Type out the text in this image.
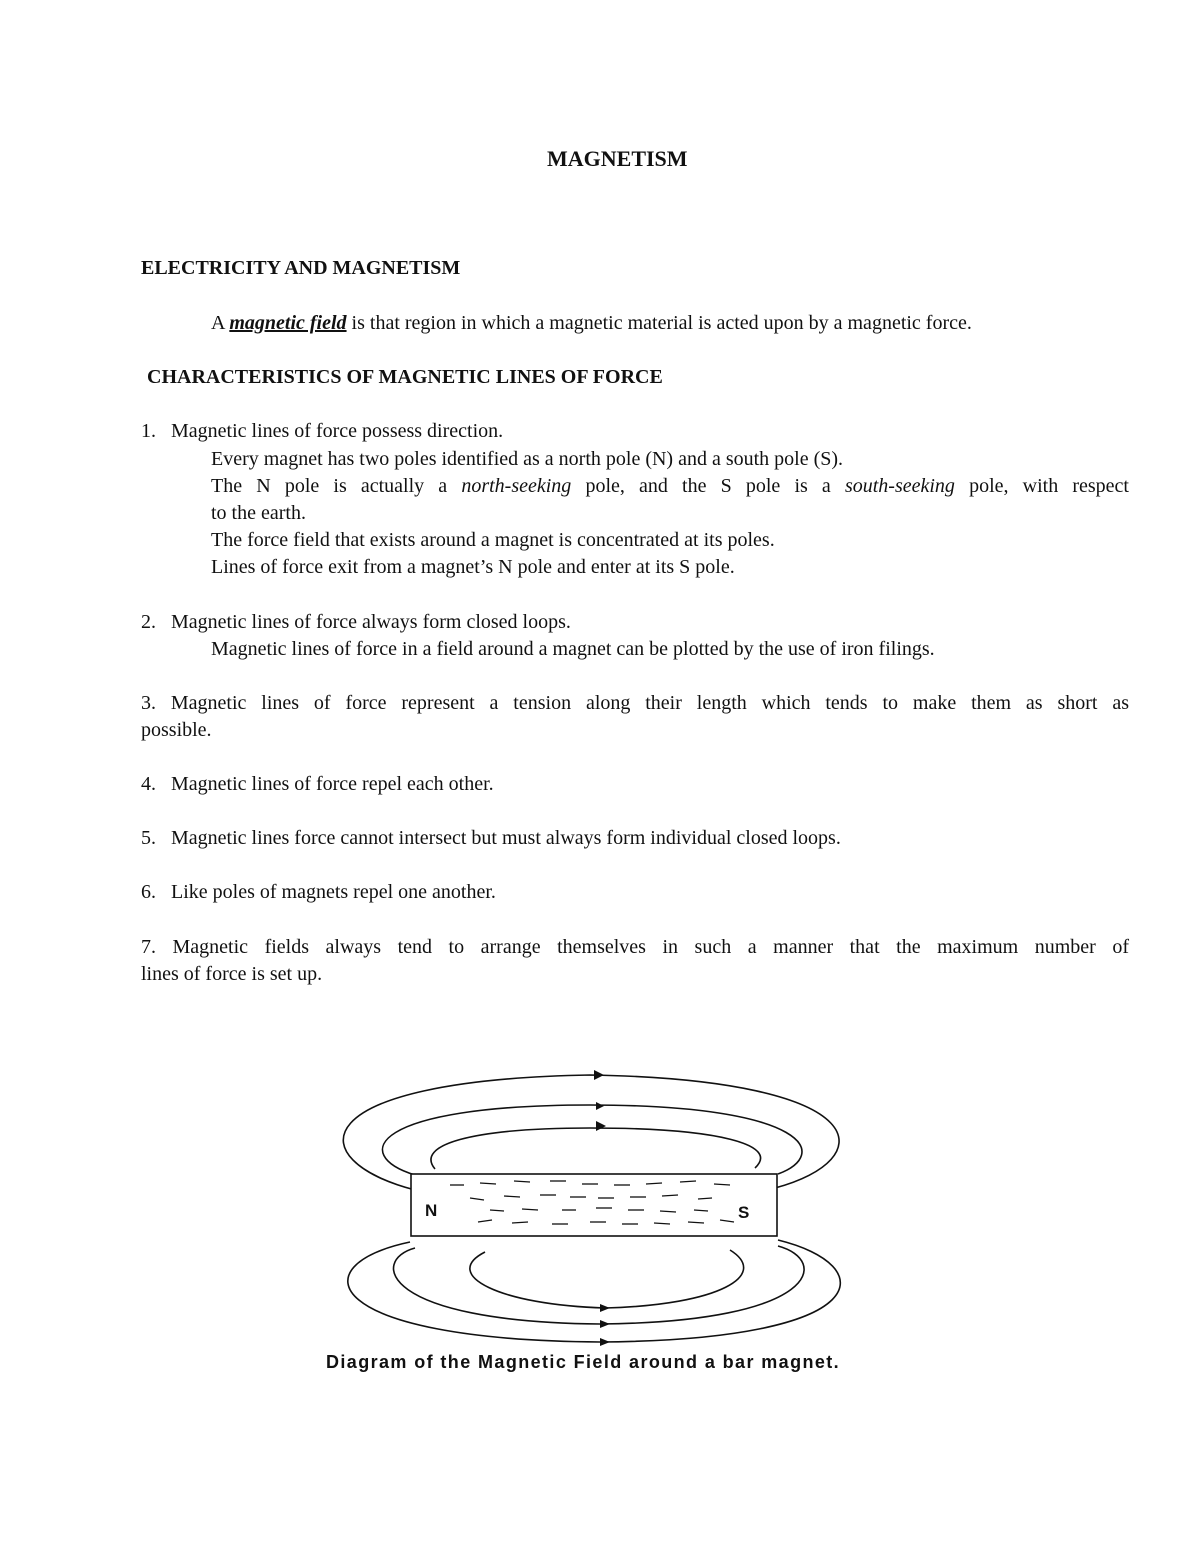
MAGNETISM
ELECTRICITY AND MAGNETISM
A magnetic field is that region in which a magnetic material is acted upon by a magnetic force.
CHARACTERISTICS OF MAGNETIC LINES OF FORCE
1. Magnetic lines of force possess direction.
Every magnet has two poles identified as a north pole (N) and a south pole (S).
The N pole is actually a north-seeking pole, and the S pole is a south-seeking pole, with respect
to the earth.
The force field that exists around a magnet is concentrated at its poles.
Lines of force exit from a magnet’s N pole and enter at its S pole.
2. Magnetic lines of force always form closed loops.
Magnetic lines of force in a field around a magnet can be plotted by the use of iron filings.
3. Magnetic lines of force represent a tension along their length which tends to make them as short as
possible.
4. Magnetic lines of force repel each other.
5. Magnetic lines force cannot intersect but must always form individual closed loops.
6. Like poles of magnets repel one another.
7. Magnetic fields always tend to arrange themselves in such a manner that the maximum number of
lines of force is set up.
N	S
Diagram of the Magnetic Field around a bar magnet.
